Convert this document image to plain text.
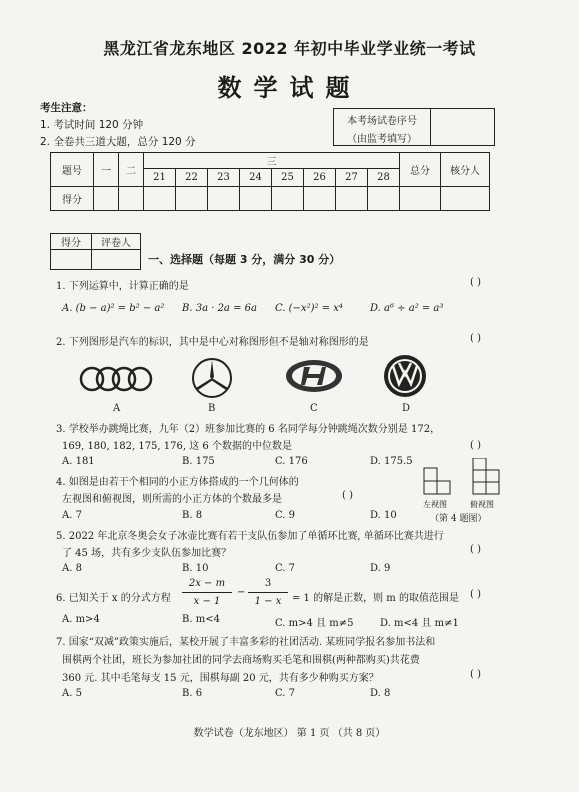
黑龙江省龙东地区 2022 年初中毕业学业统一考试
数学试题
考生注意：
1. 考试时间 120 分钟
2. 全卷共三道大题，总分 120 分
本考场试卷序号
（由监考填写）
题号	一	二	三								总分	核分人
			21	22	23	24	25	26	27	28		
得分												
得分	评卷人

一、选择题（每题 3 分，满分 30 分）
1. 下列运算中，计算正确的是	( )
A. (b − a)² = b² − a² B. 3a · 2a = 6a C. (−x²)² = x⁴	D. a⁶ ÷ a² = a³
2. 下列图形是汽车的标识，其中是中心对称图形但不是轴对称图形的是	( )
A	B	C	D
3. 学校举办跳绳比赛，九年（2）班参加比赛的 6 名同学每分钟跳绳次数分别是 172，
169, 180, 182, 175, 176, 这 6 个数据的中位数是	( )
A. 181	B. 175	C. 176	D. 175.5
4. 如图是由若干个相同的小正方体搭成的一个几何体的
左视图和俯视图，则所需的小正方体的个数最多是	( )
A. 7	B. 8	C. 9	D. 10
左视图	俯视图
（第 4 题图）
5. 2022 年北京冬奥会女子冰壶比赛有若干支队伍参加了单循环比赛, 单循环比赛共进行
了 45 场，共有多少支队伍参加比赛？	( )
A. 8	B. 10	C. 7	D. 9
6. 已知关于 x 的分式方程
2x − m
x − 1
−
3
1 − x	= 1 的解是正数，则 m 的取值范围是 ( )
A. m>4	B. m<4	C. m>4 且 m≠5	D. m<4 且 m≠1
7. 国家“双减”政策实施后，某校开展了丰富多彩的社团活动. 某班同学报名参加书法和
围棋两个社团，班长为参加社团的同学去商场购买毛笔和围棋(两种都购买)共花费
360 元. 其中毛笔每支 15 元，围棋每副 20 元，共有多少种购买方案？	( )
A. 5	B. 6	C. 7	D. 8
数学试卷（龙东地区） 第 1 页 （共 8 页）
